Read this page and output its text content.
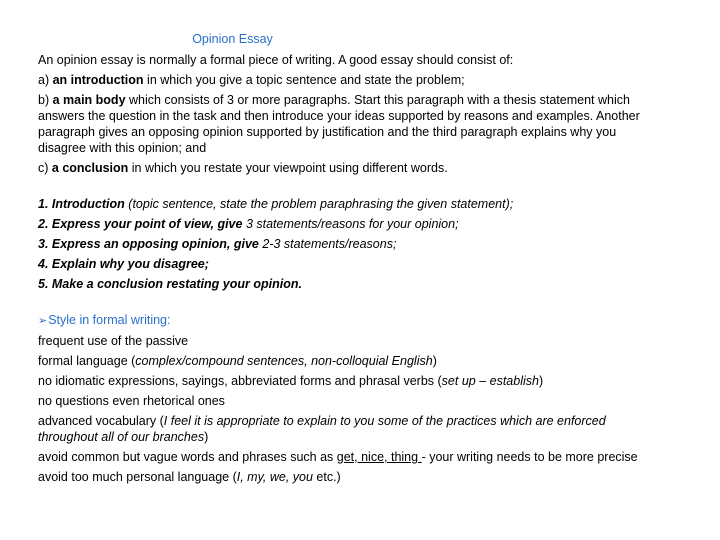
Opinion Essay

An opinion essay is normally a formal piece of writing. A good essay should consist of:

a) an introduction in which you give a topic sentence and state the problem;

b) a main body which consists of 3 or more paragraphs. Start this paragraph with a thesis statement which answers the question in the task and then introduce your ideas supported by reasons and examples. Another paragraph gives an opposing opinion supported by justification and the third paragraph explains why you disagree with this opinion; and

c) a conclusion in which you restate your viewpoint using different words.

1. Introduction (topic sentence, state the problem paraphrasing the given statement);

2. Express your point of view, give 3 statements/reasons for your opinion;

3. Express an opposing opinion, give 2-3 statements/reasons;

4. Explain why you disagree;

5. Make a conclusion restating your opinion.

➢Style in formal writing:

frequent use of the passive

formal language (complex/compound sentences, non-colloquial English)

no idiomatic expressions, sayings, abbreviated forms and phrasal verbs (set up – establish)

no questions even rhetorical ones

advanced vocabulary (I feel it is appropriate to explain to you some of the practices which are enforced throughout all of our branches)

avoid common but vague words and phrases such as get, nice, thing - your writing needs to be more precise

avoid too much personal language (I, my, we, you etc.)
